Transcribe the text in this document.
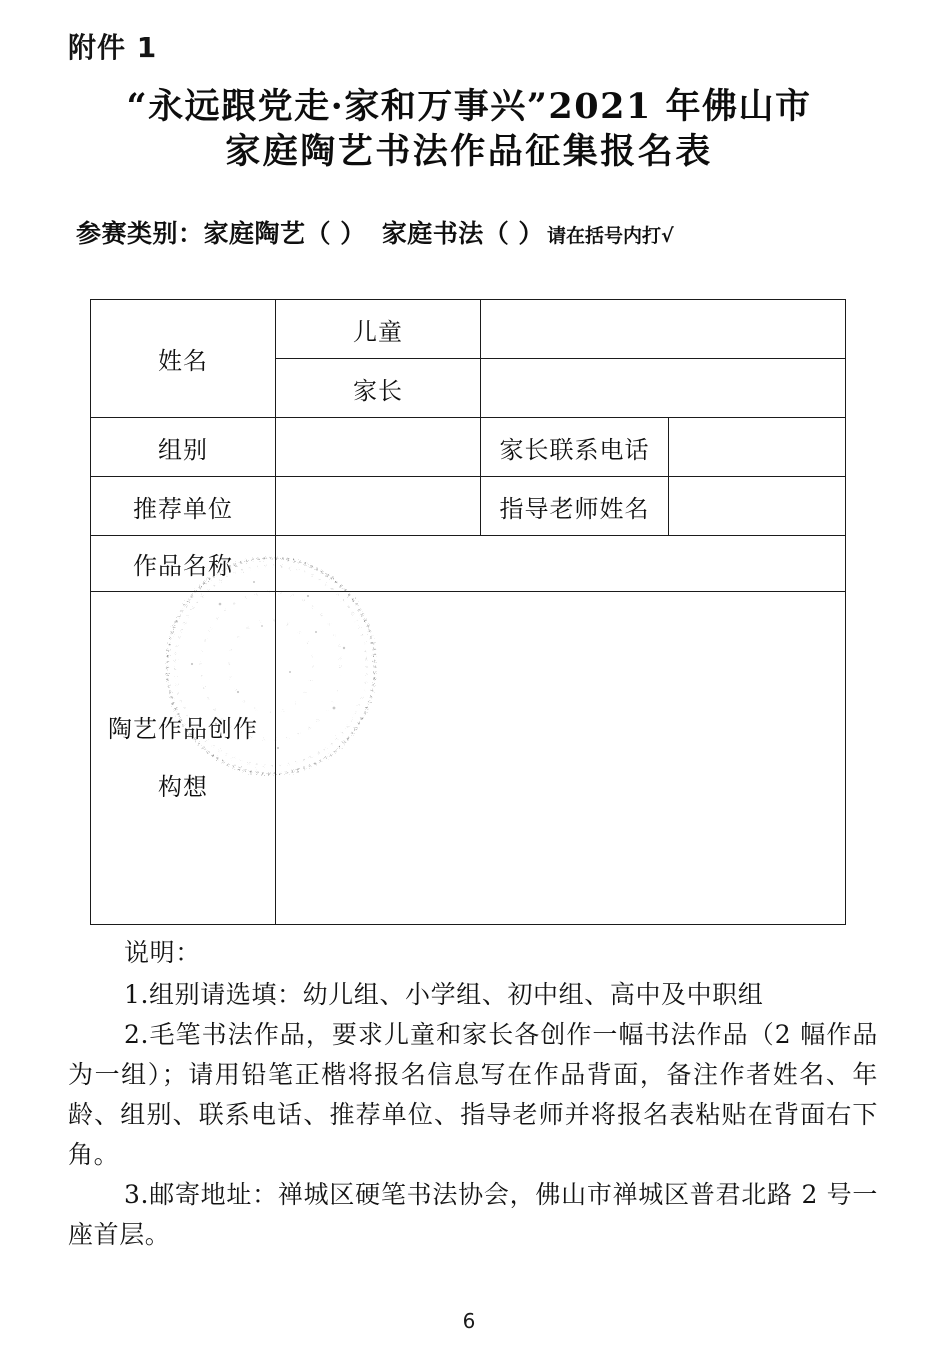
附件 1
“永远跟党走·家和万事兴”2021 年佛山市
家庭陶艺书法作品征集报名表
参赛类别：家庭陶艺（ ） 家庭书法（ ） 请在括号内打√
姓名	儿童		
	家长		
组别		家长联系电话	
推荐单位		指导老师姓名	
作品名称			

陶艺作品创作
构想			

说明：

1.组别请选填：幼儿组、小学组、初中组、高中及中职组

2.毛笔书法作品，要求儿童和家长各创作一幅书法作品（2 幅作品为一组）；请用铅笔正楷将报名信息写在作品背面，备注作者姓名、年龄、组别、联系电话、推荐单位、指导老师并将报名表粘贴在背面右下角。

3.邮寄地址：禅城区硬笔书法协会，佛山市禅城区普君北路 2 号一座首层。

6
